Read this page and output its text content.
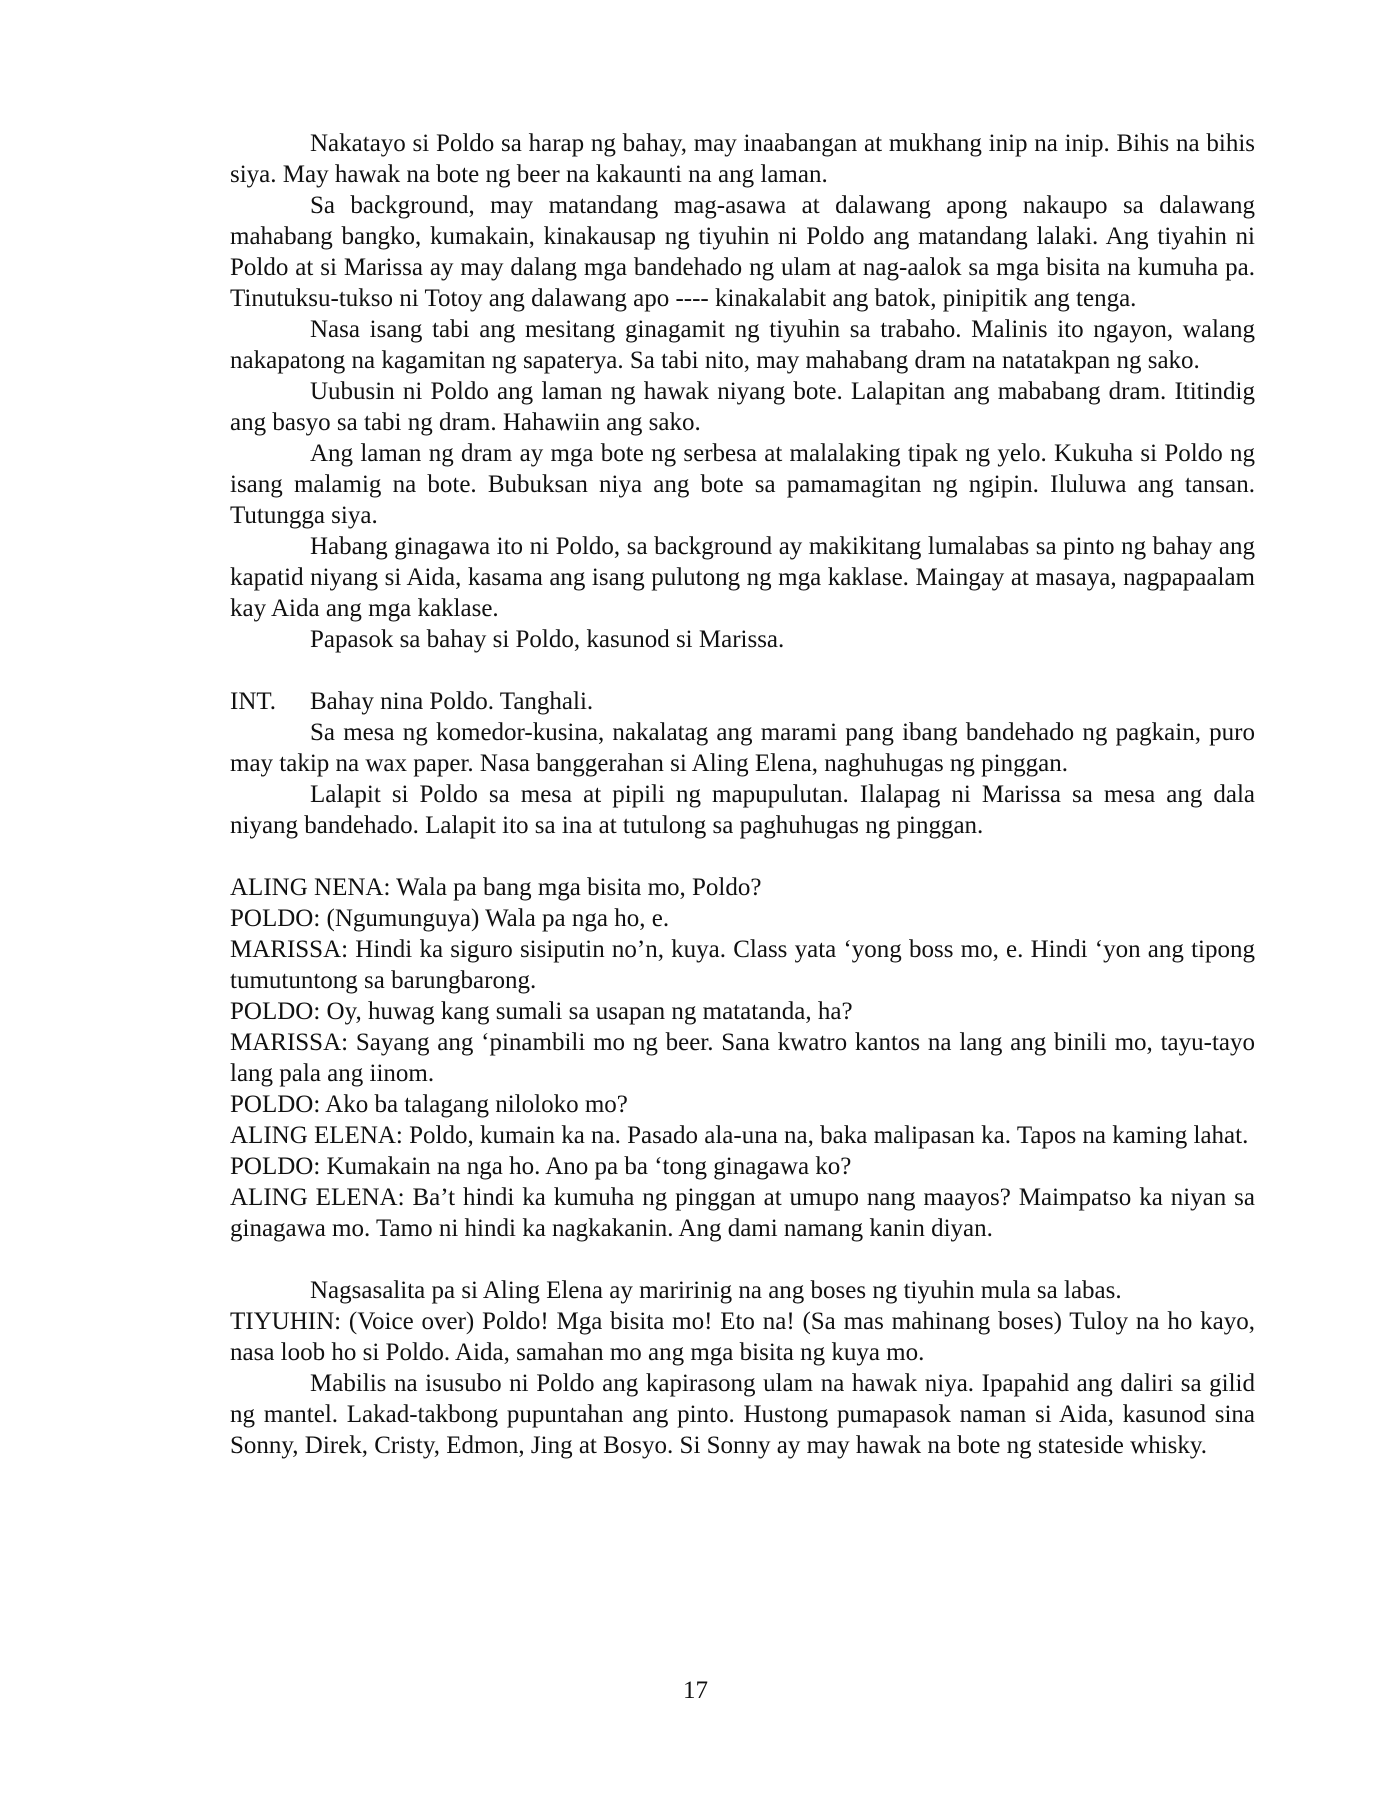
Nakatayo si Poldo sa harap ng bahay, may inaabangan at mukhang inip na inip. Bihis na bihis siya. May hawak na bote ng beer na kakaunti na ang laman.

Sa background, may matandang mag-asawa at dalawang apong nakaupo sa dalawang mahabang bangko, kumakain, kinakausap ng tiyuhin ni Poldo ang matandang lalaki. Ang tiyahin ni Poldo at si Marissa ay may dalang mga bandehado ng ulam at nag-aalok sa mga bisita na kumuha pa. Tinutuksu-tukso ni Totoy ang dalawang apo ---- kinakalabit ang batok, pinipitik ang tenga.

Nasa isang tabi ang mesitang ginagamit ng tiyuhin sa trabaho. Malinis ito ngayon, walang nakapatong na kagamitan ng sapaterya. Sa tabi nito, may mahabang dram na natatakpan ng sako.

Uubusin ni Poldo ang laman ng hawak niyang bote. Lalapitan ang mababang dram. Ititindig ang basyo sa tabi ng dram. Hahawiin ang sako.

Ang laman ng dram ay mga bote ng serbesa at malalaking tipak ng yelo. Kukuha si Poldo ng isang malamig na bote. Bubuksan niya ang bote sa pamamagitan ng ngipin. Iluluwa ang tansan. Tutungga siya.

Habang ginagawa ito ni Poldo, sa background ay makikitang lumalabas sa pinto ng bahay ang kapatid niyang si Aida, kasama ang isang pulutong ng mga kaklase. Maingay at masaya, nagpapaalam kay Aida ang mga kaklase.

Papasok sa bahay si Poldo, kasunod si Marissa.

INT.	Bahay nina Poldo. Tanghali.

Sa mesa ng komedor-kusina, nakalatag ang marami pang ibang bandehado ng pagkain, puro may takip na wax paper. Nasa banggerahan si Aling Elena, naghuhugas ng pinggan.

Lalapit si Poldo sa mesa at pipili ng mapupulutan. Ilalapag ni Marissa sa mesa ang dala niyang bandehado. Lalapit ito sa ina at tutulong sa paghuhugas ng pinggan.

ALING NENA: Wala pa bang mga bisita mo, Poldo?

POLDO: (Ngumunguya) Wala pa nga ho, e.

MARISSA: Hindi ka siguro sisiputin no’n, kuya. Class yata ‘yong boss mo, e. Hindi ‘yon ang tipong tumutuntong sa barungbarong.

POLDO: Oy, huwag kang sumali sa usapan ng matatanda, ha?

MARISSA: Sayang ang ‘pinambili mo ng beer. Sana kwatro kantos na lang ang binili mo, tayu-tayo lang pala ang iinom.

POLDO: Ako ba talagang niloloko mo?

ALING ELENA: Poldo, kumain ka na. Pasado ala-una na, baka malipasan ka. Tapos na kaming lahat.

POLDO: Kumakain na nga ho. Ano pa ba ‘tong ginagawa ko?

ALING ELENA: Ba’t hindi ka kumuha ng pinggan at umupo nang maayos? Maimpatso ka niyan sa ginagawa mo. Tamo ni hindi ka nagkakanin. Ang dami namang kanin diyan.

Nagsasalita pa si Aling Elena ay maririnig na ang boses ng tiyuhin mula sa labas.

TIYUHIN: (Voice over) Poldo! Mga bisita mo! Eto na! (Sa mas mahinang boses) Tuloy na ho kayo, nasa loob ho si Poldo. Aida, samahan mo ang mga bisita ng kuya mo.

Mabilis na isusubo ni Poldo ang kapirasong ulam na hawak niya. Ipapahid ang daliri sa gilid ng mantel. Lakad-takbong pupuntahan ang pinto. Hustong pumapasok naman si Aida, kasunod sina Sonny, Direk, Cristy, Edmon, Jing at Bosyo. Si Sonny ay may hawak na bote ng stateside whisky.

17
